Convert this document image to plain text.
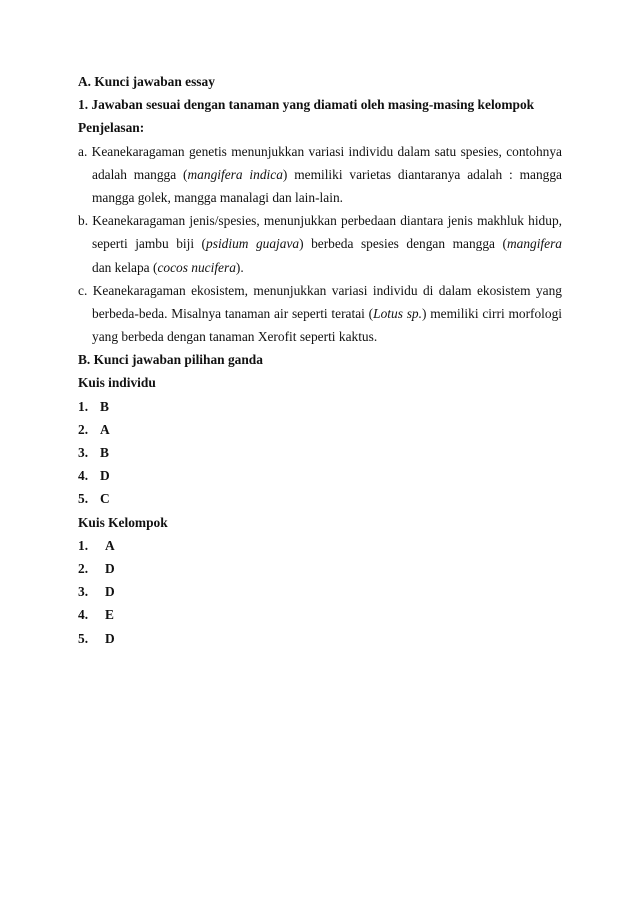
A. Kunci jawaban essay
1. Jawaban sesuai dengan tanaman yang diamati oleh masing-masing kelompok
Penjelasan:
a. Keanekaragaman genetis menunjukkan variasi individu dalam satu spesies, contohnya
adalah mangga (mangifera indica) memiliki varietas diantaranya adalah : mangga
mangga golek, mangga manalagi dan lain-lain.
b. Keanekaragaman jenis/spesies, menunjukkan perbedaan diantara jenis makhluk hidup,
seperti jambu biji (psidium guajava) berbeda spesies dengan mangga (mangifera
dan kelapa (cocos nucifera).
c. Keanekaragaman ekosistem, menunjukkan variasi individu di dalam ekosistem yang
berbeda-beda. Misalnya tanaman air seperti teratai (Lotus sp.) memiliki cirri morfologi
yang berbeda dengan tanaman Xerofit seperti kaktus.
B. Kunci jawaban pilihan ganda
Kuis individu
1. B
2. A
3. B
4. D
5. C
Kuis Kelompok
1. A
2. D
3. D
4. E
5. D
